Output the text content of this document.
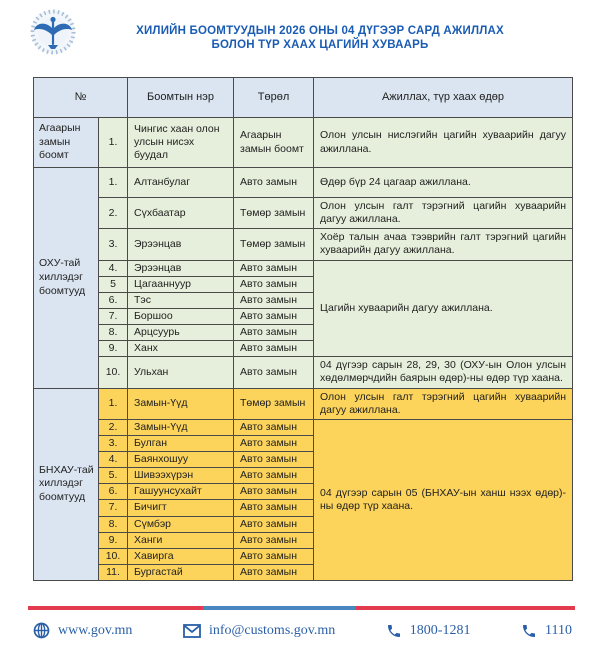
ХИЛИЙН БООМТУУДЫН 2026 ОНЫ 04 ДҮГЭЭР САРД АЖИЛЛАХ
БОЛОН ТҮР ХААХ ЦАГИЙН ХУВААРЬ
№		Боомтын нэр	Төрөл	Ажиллах, түр хаах өдөр
Агаарын замын боомт	1.	Чингис хаан олон улсын нисэх буудал	Агаарын замын боомт	Олон улсын нислэгийн цагийн хуваарийн дагуу ажиллана.
ОХУ-тай хиллэдэг боомтууд	1.	Алтанбулаг	Авто замын	Өдөр бүр 24 цагаар ажиллана.
	2.	Сүхбаатар	Төмөр замын	Олон улсын галт тэрэгний цагийн хуваарийн дагуу ажиллана.
	3.	Эрээнцав	Төмөр замын	Хоёр талын ачаа тээврийн галт тэрэгний цагийн хуваарийн дагуу ажиллана.
	4.	Эрээнцав	Авто замын	Цагийн хуваарийн дагуу ажиллана.
	5	Цагааннуур	Авто замын	
	6.	Тэс	Авто замын	
	7.	Боршоо	Авто замын	
	8.	Арцсуурь	Авто замын	
	9.	Ханх	Авто замын	
	10.	Ульхан	Авто замын	04 дүгээр сарын 28, 29, 30 (ОХУ-ын Олон улсын хөдөлмөрчдийн баярын өдөр)-ны өдөр түр хаана.
БНХАУ-тай хиллэдэг боомтууд	1.	Замын-Үүд	Төмөр замын	Олон улсын галт тэрэгний цагийн хуваарийн дагуу ажиллана.
	2.	Замын-Үүд	Авто замын	04 дүгээр сарын 05 (БНХАУ-ын ханш нээх өдөр)-ны өдөр түр хаана.
	3.	Булган	Авто замын	
	4.	Баянхошуу	Авто замын	
	5.	Шивээхүрэн	Авто замын	
	6.	Гашуунсухайт	Авто замын	
	7.	Бичигт	Авто замын	
	8.	Сүмбэр	Авто замын	
	9.	Ханги	Авто замын	
	10.	Хавирга	Авто замын	
	11.	Бургастай	Авто замын	
www.gov.mn	info@customs.gov.mn	1800-1281	1110
